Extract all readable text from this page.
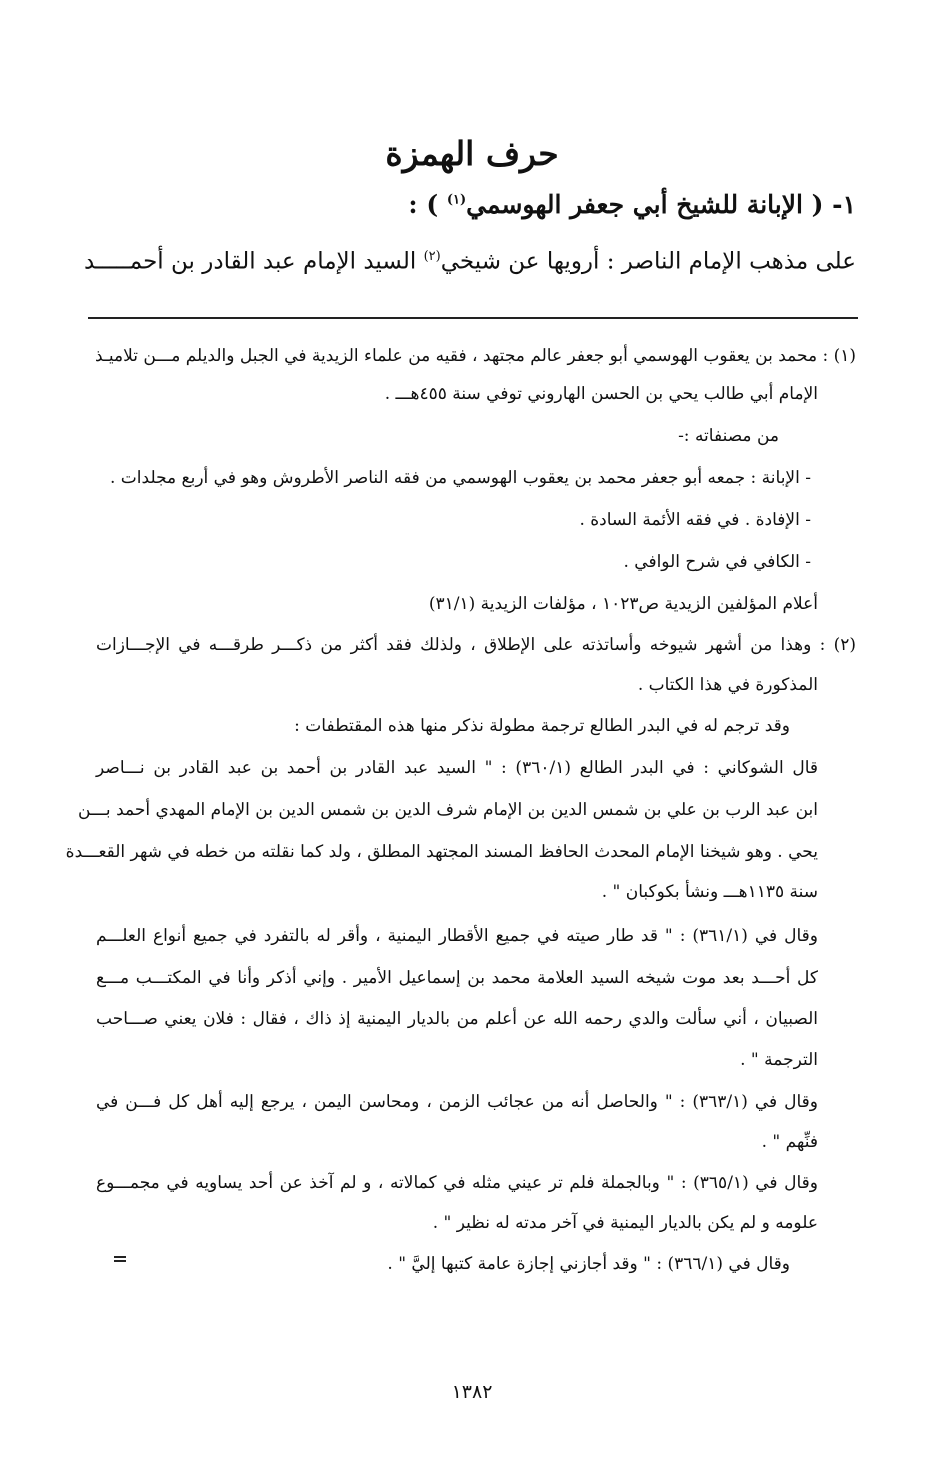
حرف الهمزة
١- ( الإبانة للشيخ أبي جعفر الهوسمي$^{(١)}$ ) :
على مذهب الإمام الناصر : أرويها عن شيخي$^{(٢)}$ السيد الإمام عبد القادر بن أحمـــــد
(١) : محمد بن يعقوب الهوسمي أبو جعفر عالم مجتهد ، فقيه من علماء الزيدية في الجبل والديلم مـــن تلاميـذ
الإمام أبي طالب يحي بن الحسن الهاروني توفي سنة ٤٥٥هـــ .
من مصنفاته :-
- الإبانة : جمعه أبو جعفر محمد بن يعقوب الهوسمي من فقه الناصر الأطروش وهو في أربع مجلدات .
- الإفادة . في فقه الأئمة السادة .
- الكافي في شرح الوافي .
أعلام المؤلفين الزيدية ص١٠٢٣ ، مؤلفات الزيدية (٣١/١)
(٢) : وهذا من أشهر شيوخه وأساتذته على الإطلاق ، ولذلك فقد أكثر من ذكـــر طرقـــه في الإجـــازات
المذكورة في هذا الكتاب .
وقد ترجم له في البدر الطالع ترجمة مطولة نذكر منها هذه المقتطفات :
قال الشوكاني : في البدر الطالع (٣٦٠/١) : " السيد عبد القادر بن أحمد بن عبد القادر بن نـــاصر
ابن عبد الرب بن علي بن شمس الدين بن الإمام شرف الدين بن شمس الدين بن الإمام المهدي أحمد بـــن
يحي . وهو شيخنا الإمام المحدث الحافظ المسند المجتهد المطلق ، ولد كما نقلته من خطه في شهر القعـــدة
سنة ١١٣٥هـــ ونشأ بكوكبان " .
وقال في (٣٦١/١) : " قد طار صيته في جميع الأقطار اليمنية ، وأقر له بالتفرد في جميع أنواع العلـــم
كل أحـــد بعد موت شيخه السيد العلامة محمد بن إسماعيل الأمير . وإني أذكر وأنا في المكتـــب مـــع
الصبيان ، أني سألت والدي رحمه الله عن أعلم من بالديار اليمنية إذ ذاك ، فقال : فلان يعني صـــاحب
الترجمة " .
وقال في (٣٦٣/١) : " والحاصل أنه من عجائب الزمن ، ومحاسن اليمن ، يرجع إليه أهل كل فـــن في
فنِّهم " .
وقال في (٣٦٥/١) : " وبالجملة فلم تر عيني مثله في كمالاته ، و لم آخذ عن أحد يساويه في مجمـــوع
علومه و لم يكن بالديار اليمنية في آخر مدته له نظير " .
وقال في (٣٦٦/١) : " وقد أجازني إجازة عامة كتبها إليَّ " .
١٣٨٢
